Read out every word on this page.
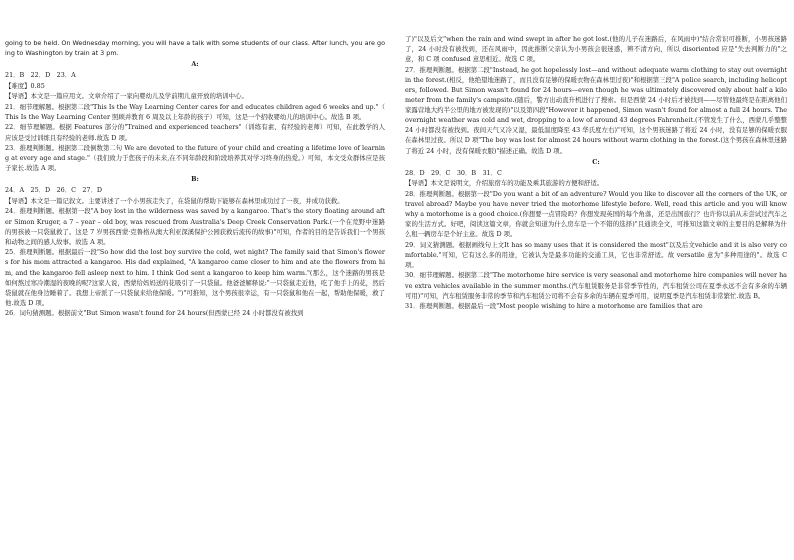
going to be held. On Wednesday morning, you will have a talk with some students of our class. After lunch, you are going to Washington by train at 3 pm.

A:

21．B　22．D　23．A

【难度】0.85

【导语】本文是一篇应用文。文章介绍了一家向婴幼儿及学前期儿童开放的培训中心。

21．细节理解题。根据第二段"This Is the Way Learning Center cares for and educates children aged 6 weeks and up."（ This Is the Way Learning Center 照顾并教育 6 周及以上年龄的孩子）可知，这是一个招收婴幼儿的培训中心。故选 B 项。

22．细节理解题。根据 Features 部分的"Trained and experienced teachers"（训练有素、有经验的老师）可知，在此教学的人应该是受过训练且有经验的老师.故选 D 项。

23．推理判断题。根据第二段倒数第二句 We are devoted to the future of your child and creating a lifetime love of learning at every age and stage."（我们致力于您孩子的未来,在不同年龄段和阶段培养其对学习终身的热爱。）可知，本文受众群体应是孩子家长.故选 A 项。

B:

24．A　25．D　26．C　27．D

【导语】本文是一篇记叙文。主要讲述了一个小男孩走失了，在袋鼠的帮助下能够在森林里成功过了一夜，并成功获救。

24．推理判断题。根据第一段"A boy lost in the wilderness was saved by a kangaroo. That's the story floating around after Simon Kruger, a 7 – year – old boy, was rescued from Australia's Deep Creek Conservation Park.(一个在荒野中迷路的男孩被一只袋鼠救了。这是 7 岁男孩西蒙·克鲁格从澳大利亚深溪保护公园获救后流传的故事)"可知，作者的目的是告诉我们一个男孩和动物之间的感人故事。故选 A 项。

25．推理判断题。根据最后一段"So how did the lost boy survive the cold, wet night? The family said that Simon's flowers for his mom attracted a kangaroo. His dad explained, "A kangaroo came closer to him and ate the flowers from him, and the kangaroo fell asleep next to him. I think God sent a kangaroo to keep him warm."(那么，这个迷路的男孩是如何熬过寒冷潮湿的夜晚的呢?这家人说，西蒙给妈妈送的花吸引了一只袋鼠。他爸爸解释说:"一只袋鼠走近他，吃了他手上的花，然后袋鼠就在他身边睡着了。我想上帝派了一只袋鼠来给他保暖。")"可推知，这个男孩很幸运，有一只袋鼠和他在一起，帮助他保暖，救了他.故选 D 项。

26．词句猜测题。根据前文"But Simon wasn't found for 24 hours(但西蒙已经 24 小时都没有被找到

了)"以及后文"when the rain and wind swept in after he got lost.(他的儿子在迷路后，在风雨中)"结合常识可推断，小男孩迷路了，24 小时没有被找到，还在风雨中，因此推断父亲认为小男孩会很迷惑，辨不清方向，所以 disoriented 应是"失去判断力的"之意，和 C 项 confused 意思相近。故选 C 项。

27．推理判断题。根据第二段"Instead, he got hopelessly lost—and without adequate warm clothing to stay out overnight in the forest.(相反，他绝望地迷路了，而且没有足够的保暖衣物在森林里过夜)"和根据第三段"A police search, including helicopters, followed. But Simon wasn't found for 24 hours—even though he was ultimately discovered only about half a kilometer from the family's campsite.(随后，警方出动直升机进行了搜索。但是西蒙 24 小时后才被找到——尽管他最终是在距离他们家露营地大约半公里的地方被发现的)"以及第四段"However it happened, Simon wasn't found for almost a full 24 hours. The overnight weather was cold and wet, dropping to a low of around 43 degrees Fahrenheit.(不管发生了什么，西蒙几乎整整 24 小时都没有被找到。夜间天气又冷又湿，最低温度降至 43 华氏度左右)"可知，这个男孩迷路了将近 24 小时，没有足够的保暖衣服在森林里过夜。所以 D 项"The boy was lost for almost 24 hours without warm clothing in the forest.(这个男孩在森林里迷路了将近 24 小时，没有保暖衣服)"描述正确。故选 D 项。

C:

28．D　29．C　30．B　31．C

【导语】本文是说明文，介绍旅宿车的功能及乘其旅游的方便和舒适。

28．推理判断题。根据第一段"Do you want a bit of an adventure? Would you like to discover all the corners of the UK, or travel abroad? Maybe you have never tried the motorhome lifestyle before. Well, read this article and you will know why a motorhome is a good choice.(你想要一点冒险吗？你想发现英国的每个角落，还是出国旅行？也许你以前从未尝试过汽车之家的生活方式。好吧，阅读这篇文章，你就会知道为什么房车是一个不错的选择)"且通读全文，可推知这篇文章的主要目的是解释为什么租一辆房车是个好主意。故选 D 项。

29．词义猜测题。根据画线句上文It has so many uses that it is considered the most"以及后文vehicle and it is also very comfortable."可知，它有这么多的用途，它被认为是最多功能的交通工具，它也非常舒适。故 versatile 意为"多种用途的"。故选 C 项。

30．细节理解题。根据第二段"The motorhome hire service is very seasonal and motorhome hire companies will never have extra vehicles available in the summer months.(汽车租赁服务是非常季节性的，汽车租赁公司在夏季永远不会有多余的车辆可用)"可知，汽车租赁服务非常的季节和汽车租赁公司将不会有多余的车辆在夏季可用，说明夏季是汽车租赁非常繁忙.故选 B。

31．推理判断题。根据最后一段"Most people wishing to hire a motorhome are families that are
